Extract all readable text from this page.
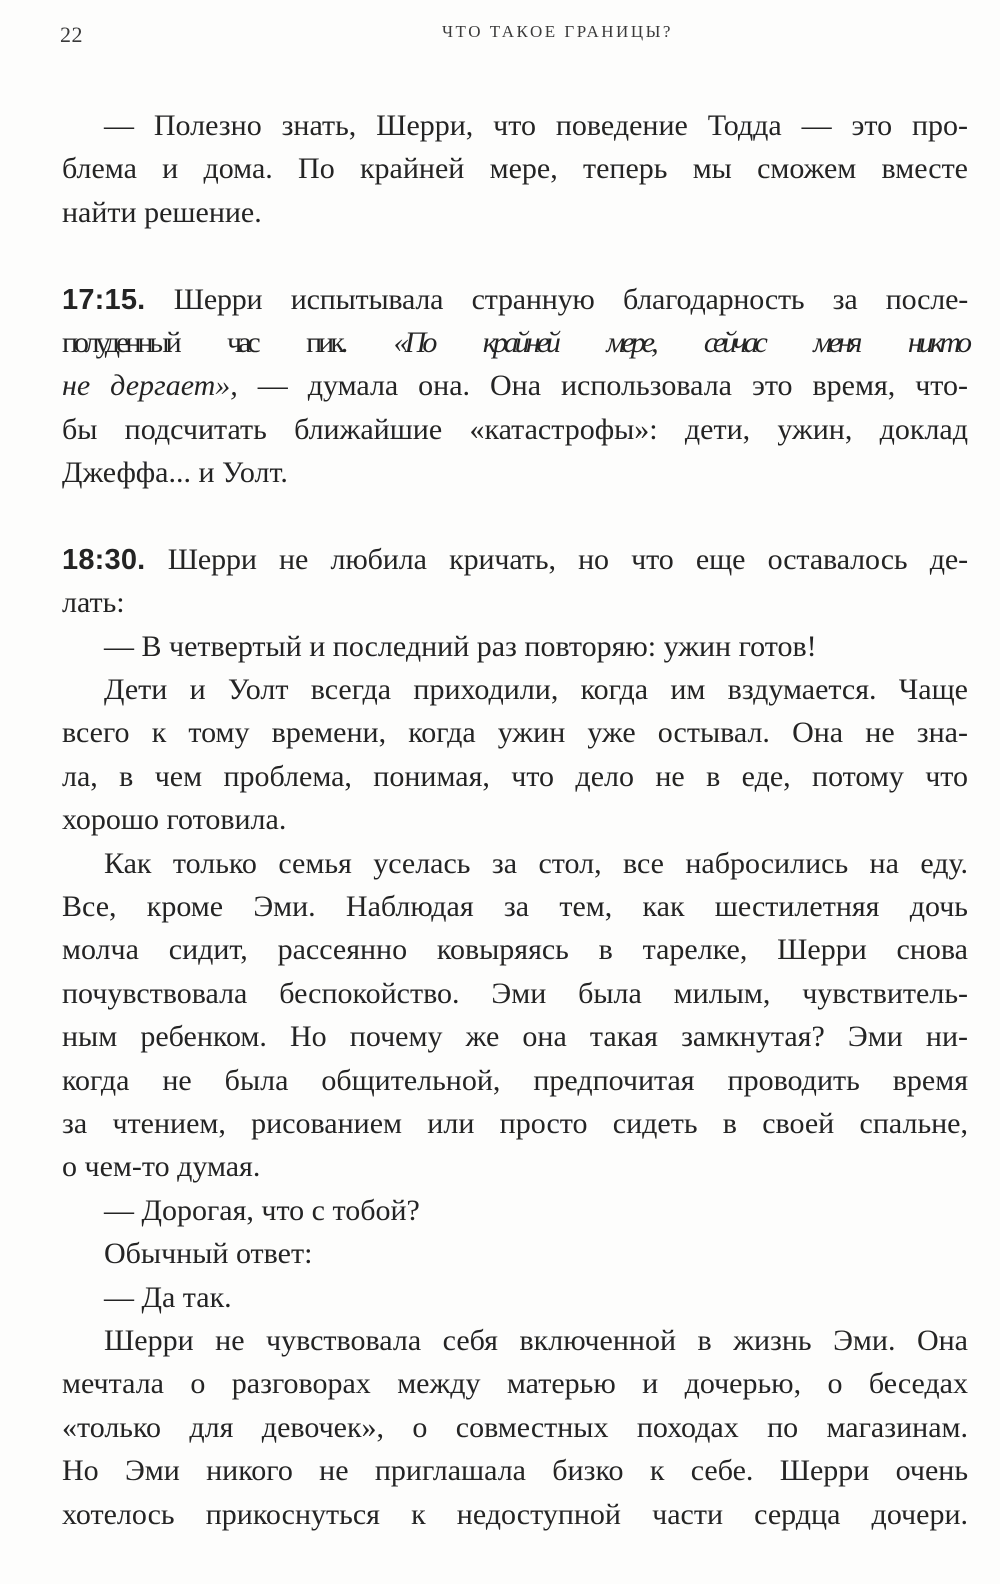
22	ЧТО ТАКОЕ ГРАНИЦЫ?
— Полезно знать, Шерри, что поведение Тодда — это про-
блема и дома. По крайней мере, теперь мы сможем вместе
найти решение.
17:15. Шерри испытывала странную благодарность за после-
полуденный час пик. «По крайней мере, сейчас меня никто
не дергает», — думала она. Она использовала это время, что-
бы подсчитать ближайшие «катастрофы»: дети, ужин, доклад
Джеффа... и Уолт.
18:30. Шерри не любила кричать, но что еще оставалось де-
лать:
— В четвертый и последний раз повторяю: ужин готов!
Дети и Уолт всегда приходили, когда им вздумается. Чаще
всего к тому времени, когда ужин уже остывал. Она не зна-
ла, в чем проблема, понимая, что дело не в еде, потому что
хорошо готовила.
Как только семья уселась за стол, все набросились на еду.
Все, кроме Эми. Наблюдая за тем, как шестилетняя дочь
молча сидит, рассеянно ковыряясь в тарелке, Шерри снова
почувствовала беспокойство. Эми была милым, чувствитель-
ным ребенком. Но почему же она такая замкнутая? Эми ни-
когда не была общительной, предпочитая проводить время
за чтением, рисованием или просто сидеть в своей спальне,
о чем-то думая.
— Дорогая, что с тобой?
Обычный ответ:
— Да так.
Шерри не чувствовала себя включенной в жизнь Эми. Она
мечтала о разговорах между матерью и дочерью, о беседах
«только для девочек», о совместных походах по магазинам.
Но Эми никого не приглашала бизко к себе. Шерри очень
хотелось прикоснуться к недоступной части сердца дочери.
